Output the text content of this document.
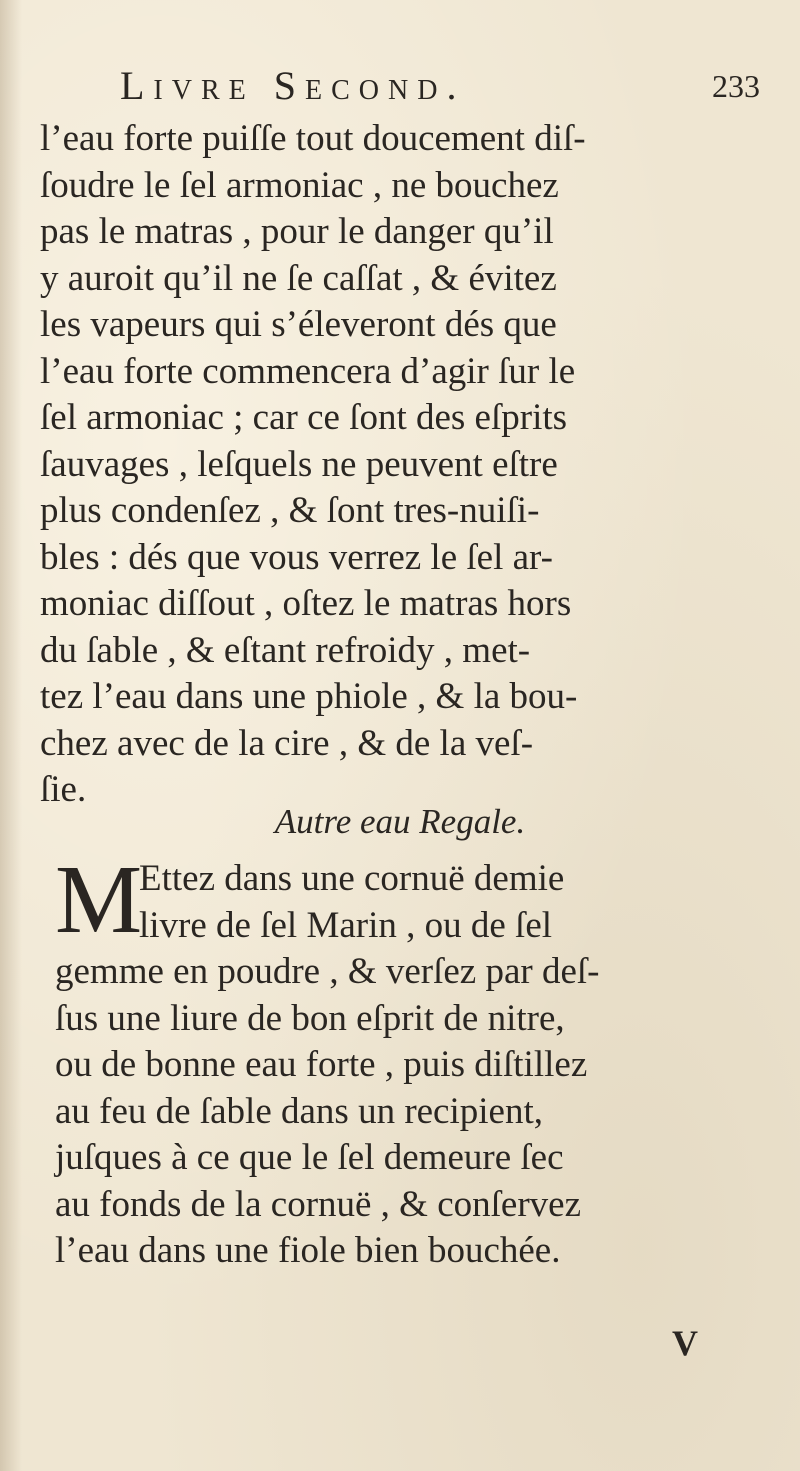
Livre Second.	233
l’eau forte puiſſe tout doucement diſ-
ſoudre le ſel armoniac , ne bouchez
pas le matras , pour le danger qu’il
y auroit qu’il ne ſe caſſat , & évitez
les vapeurs qui s’éleveront dés que
l’eau forte commencera d’agir ſur le
ſel armoniac ; car ce ſont des eſprits
ſauvages , leſquels ne peuvent eſtre
plus condenſez , & ſont tres-nuiſi-
bles : dés que vous verrez le ſel ar-
moniac diſſout , oſtez le matras hors
du ſable , & eſtant refroidy , met-
tez l’eau dans une phiole , & la bou-
chez avec de la cire , & de la veſ-
ſie.
Autre eau Regale.
M
Ettez dans une cornuë demie
livre de ſel Marin , ou de ſel
gemme en poudre , & verſez par deſ-
ſus une liure de bon eſprit de nitre,
ou de bonne eau forte , puis diſtillez
au feu de ſable dans un recipient,
juſques à ce que le ſel demeure ſec
au fonds de la cornuë , & conſervez
l’eau dans une fiole bien bouchée.
V
